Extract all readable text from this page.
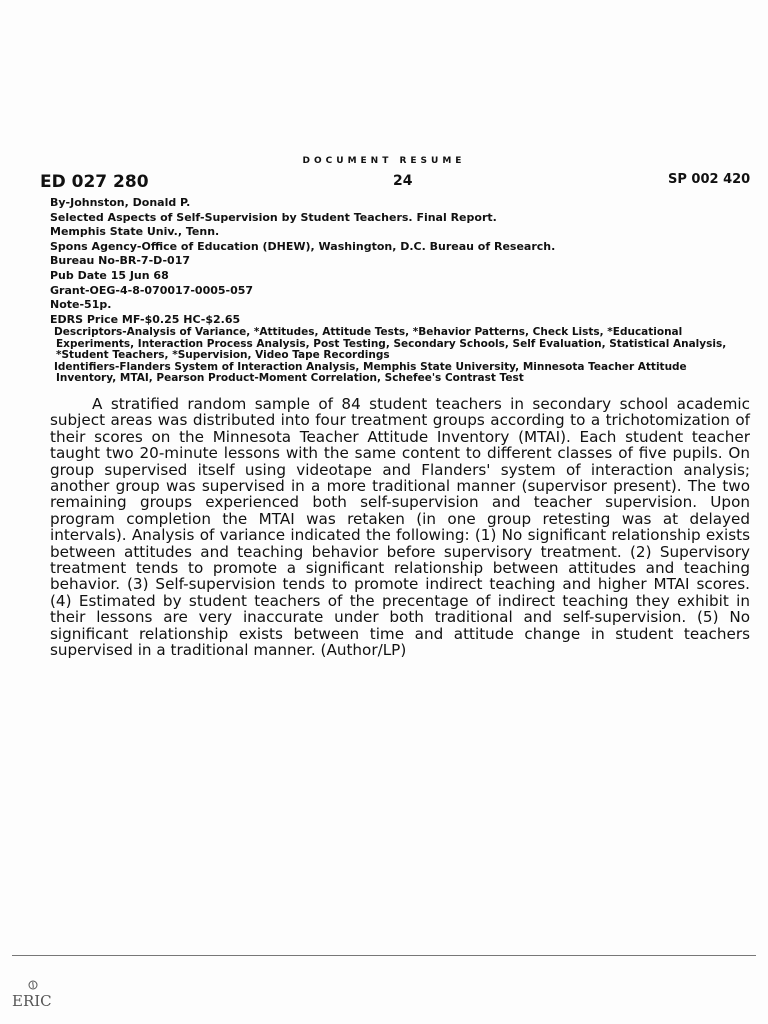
DOCUMENT RESUME
ED 027 280	24	SP 002 420
By-Johnston, Donald P.
Selected Aspects of Self-Supervision by Student Teachers. Final Report.
Memphis State Univ., Tenn.
Spons Agency-Office of Education (DHEW), Washington, D.C. Bureau of Research.
Bureau No-BR-7-D-017
Pub Date 15 Jun 68
Grant-OEG-4-8-070017-0005-057
Note-51p.
EDRS Price MF-$0.25 HC-$2.65
Descriptors-Analysis of Variance, *Attitudes, Attitude Tests, *Behavior Patterns, Check Lists, *Educational Experiments, Interaction Process Analysis, Post Testing, Secondary Schools, Self Evaluation, Statistical Analysis, *Student Teachers, *Supervision, Video Tape Recordings
Identifiers-Flanders System of Interaction Analysis, Memphis State University, Minnesota Teacher Attitude Inventory, MTAI, Pearson Product-Moment Correlation, Schefee's Contrast Test
A stratified random sample of 84 student teachers in secondary school academic subject areas was distributed into four treatment groups according to a trichotomization of their scores on the Minnesota Teacher Attitude Inventory (MTAI). Each student teacher taught two 20-minute lessons with the same content to different classes of five pupils. On group supervised itself using videotape and Flanders' system of interaction analysis; another group was supervised in a more traditional manner (supervisor present). The two remaining groups experienced both self-supervision and teacher supervision. Upon program completion the MTAI was retaken (in one group retesting was at delayed intervals). Analysis of variance indicated the following: (1) No significant relationship exists between attitudes and teaching behavior before supervisory treatment. (2) Supervisory treatment tends to promote a significant relationship between attitudes and teaching behavior. (3) Self-supervision tends to promote indirect teaching and higher MTAI scores. (4) Estimated by student teachers of the precentage of indirect teaching they exhibit in their lessons are very inaccurate under both traditional and self-supervision. (5) No significant relationship exists between time and attitude change in student teachers supervised in a traditional manner. (Author/LP)
ERIC
